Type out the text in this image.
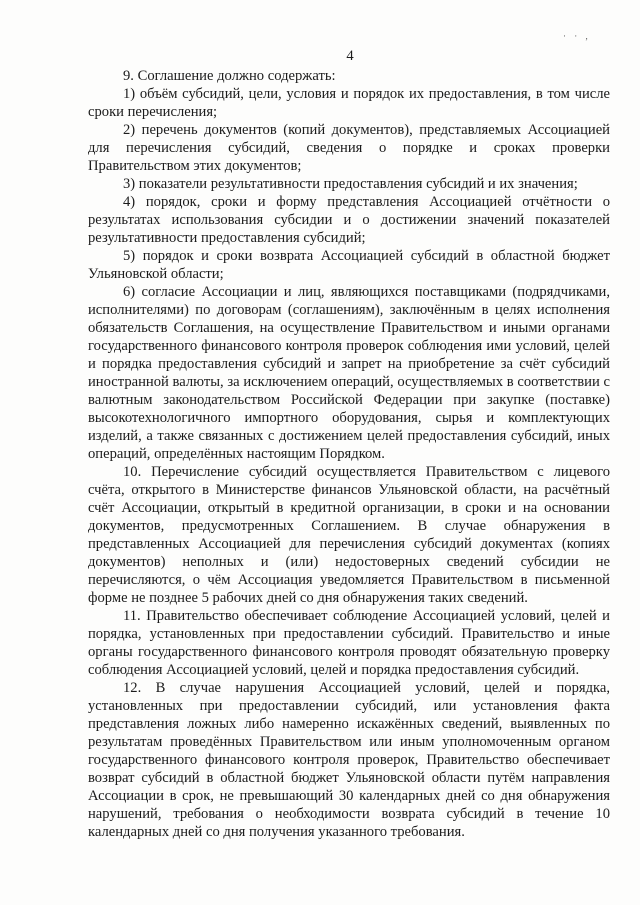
· · ,
4

9. Соглашение должно содержать:

1) объём субсидий, цели, условия и порядок их предоставления, в том числе сроки перечисления;

2) перечень документов (копий документов), представляемых Ассоциацией для перечисления субсидий, сведения о порядке и сроках проверки Правительством этих документов;

3) показатели результативности предоставления субсидий и их значения;

4) порядок, сроки и форму представления Ассоциацией отчётности о результатах использования субсидии и о достижении значений показателей результативности предоставления субсидий;

5) порядок и сроки возврата Ассоциацией субсидий в областной бюджет Ульяновской области;

6) согласие Ассоциации и лиц, являющихся поставщиками (подрядчиками, исполнителями) по договорам (соглашениям), заключённым в целях исполнения обязательств Соглашения, на осуществление Правительством и иными органами государственного финансового контроля проверок соблюдения ими условий, целей и порядка предоставления субсидий и запрет на приобретение за счёт субсидий иностранной валюты, за исключением операций, осуществляемых в соответствии с валютным законодательством Российской Федерации при закупке (поставке) высокотехнологичного импортного оборудования, сырья и комплектующих изделий, а также связанных с достижением целей предоставления субсидий, иных операций, определённых настоящим Порядком.

10. Перечисление субсидий осуществляется Правительством с лицевого счёта, открытого в Министерстве финансов Ульяновской области, на расчётный счёт Ассоциации, открытый в кредитной организации, в сроки и на основании документов, предусмотренных Соглашением. В случае обнаружения в представленных Ассоциацией для перечисления субсидий документах (копиях документов) неполных и (или) недостоверных сведений субсидии не перечисляются, о чём Ассоциация уведомляется Правительством в письменной форме не позднее 5 рабочих дней со дня обнаружения таких сведений.

11. Правительство обеспечивает соблюдение Ассоциацией условий, целей и порядка, установленных при предоставлении субсидий. Правительство и иные органы государственного финансового контроля проводят обязательную проверку соблюдения Ассоциацией условий, целей и порядка предоставления субсидий.

12. В случае нарушения Ассоциацией условий, целей и порядка, установленных при предоставлении субсидий, или установления факта представления ложных либо намеренно искажённых сведений, выявленных по результатам проведённых Правительством или иным уполномоченным органом государственного финансового контроля проверок, Правительство обеспечивает возврат субсидий в областной бюджет Ульяновской области путём направления Ассоциации в срок, не превышающий 30 календарных дней со дня обнаружения нарушений, требования о необходимости возврата субсидий в течение 10 календарных дней со дня получения указанного требования.
